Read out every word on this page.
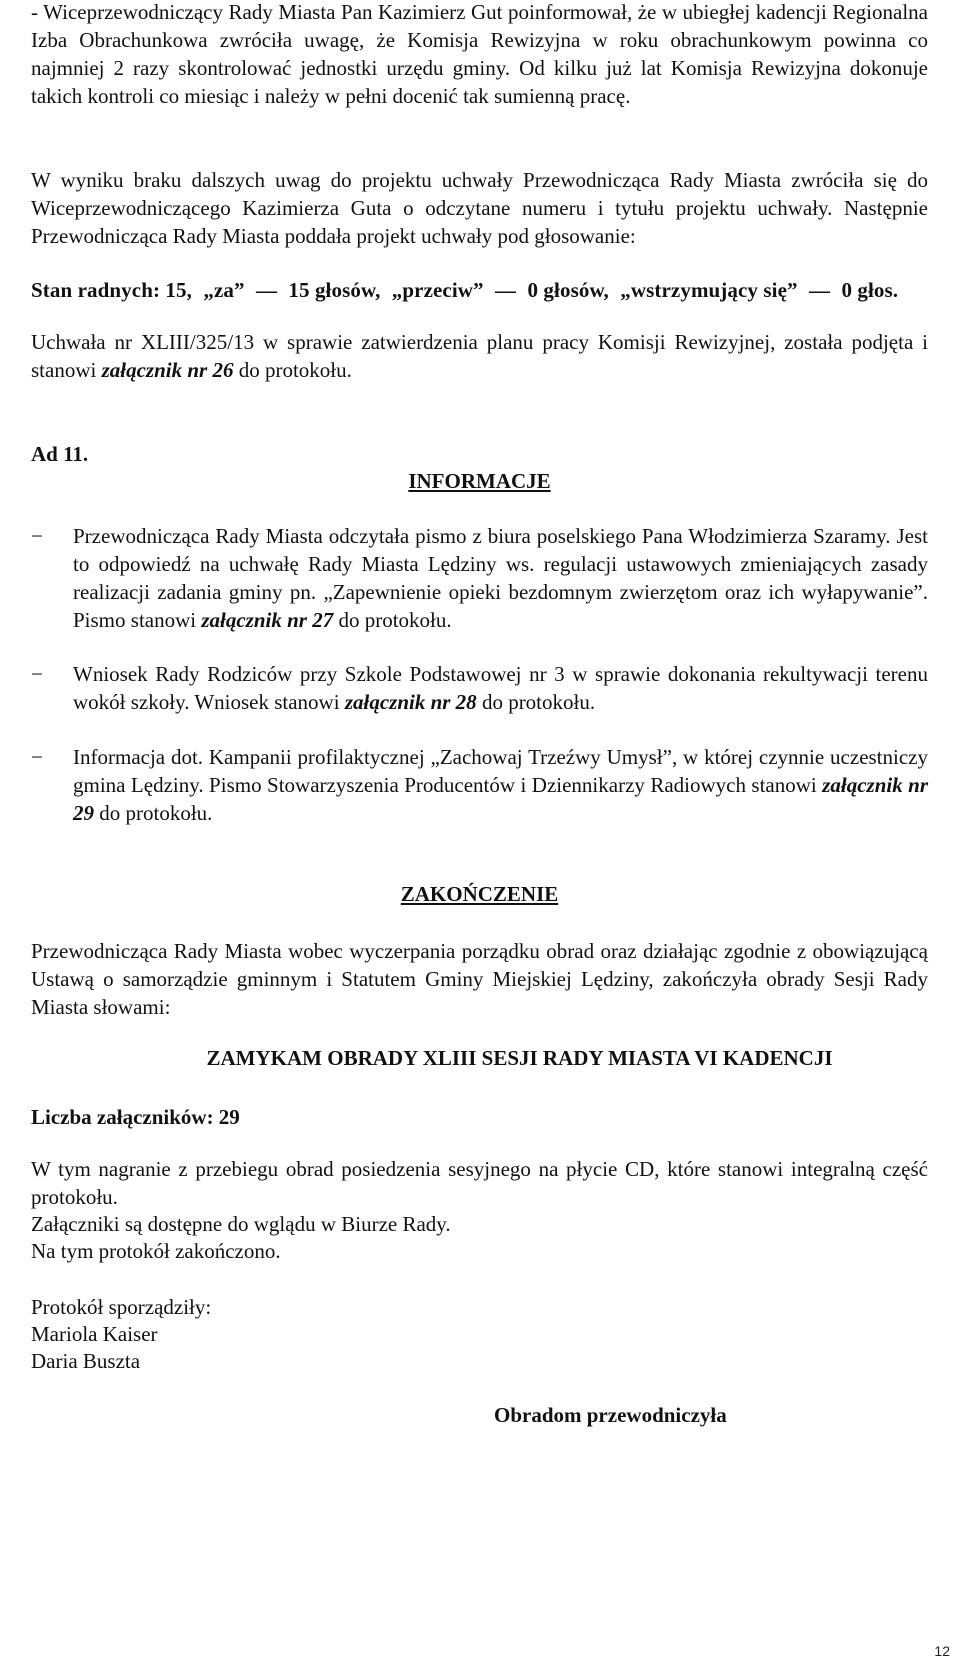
- Wiceprzewodniczący Rady Miasta Pan Kazimierz Gut poinformował, że w ubiegłej kadencji Regionalna Izba Obrachunkowa zwróciła uwagę, że Komisja Rewizyjna w roku obrachunkowym powinna co najmniej 2 razy skontrolować jednostki urzędu gminy. Od kilku już lat Komisja Rewizyjna dokonuje takich kontroli co miesiąc i należy w pełni docenić tak sumienną pracę.

W wyniku braku dalszych uwag do projektu uchwały Przewodnicząca Rady Miasta zwróciła się do Wiceprzewodniczącego Kazimierza Guta o odczytane numeru i tytułu projektu uchwały. Następnie Przewodnicząca Rady Miasta poddała projekt uchwały pod głosowanie:

Stan radnych: 15, „za” — 15 głosów, „przeciw” — 0 głosów, „wstrzymujący się” — 0 głos.

Uchwała nr XLIII/325/13 w sprawie zatwierdzenia planu pracy Komisji Rewizyjnej, została podjęta i stanowi załącznik nr 26 do protokołu.

Ad 11.
INFORMACJE
−	Przewodnicząca Rady Miasta odczytała pismo z biura poselskiego Pana Włodzimierza Szaramy. Jest to odpowiedź na uchwałę Rady Miasta Lędziny ws. regulacji ustawowych zmieniających zasady realizacji zadania gminy pn. „Zapewnienie opieki bezdomnym zwierzętom oraz ich wyłapywanie”. Pismo stanowi załącznik nr 27 do protokołu.

−	Wniosek Rady Rodziców przy Szkole Podstawowej nr 3 w sprawie dokonania rekultywacji terenu wokół szkoły. Wniosek stanowi załącznik nr 28 do protokołu.

−	Informacja dot. Kampanii profilaktycznej „Zachowaj Trzeźwy Umysł”, w której czynnie uczestniczy gmina Lędziny. Pismo Stowarzyszenia Producentów i Dziennikarzy Radiowych stanowi załącznik nr 29 do protokołu.

ZAKOŃCZENIE

Przewodnicząca Rady Miasta wobec wyczerpania porządku obrad oraz działając zgodnie z obowiązującą Ustawą o samorządzie gminnym i Statutem Gminy Miejskiej Lędziny, zakończyła obrady Sesji Rady Miasta słowami:

ZAMYKAM OBRADY XLIII SESJI RADY MIASTA VI KADENCJI
Liczba załączników: 29

W tym nagranie z przebiegu obrad posiedzenia sesyjnego na płycie CD, które stanowi integralną część protokołu.

Załączniki są dostępne do wglądu w Biurze Rady.
Na tym protokół zakończono.
Protokół sporządziły:
Mariola Kaiser
Daria Buszta
Obradom przewodniczyła
12
